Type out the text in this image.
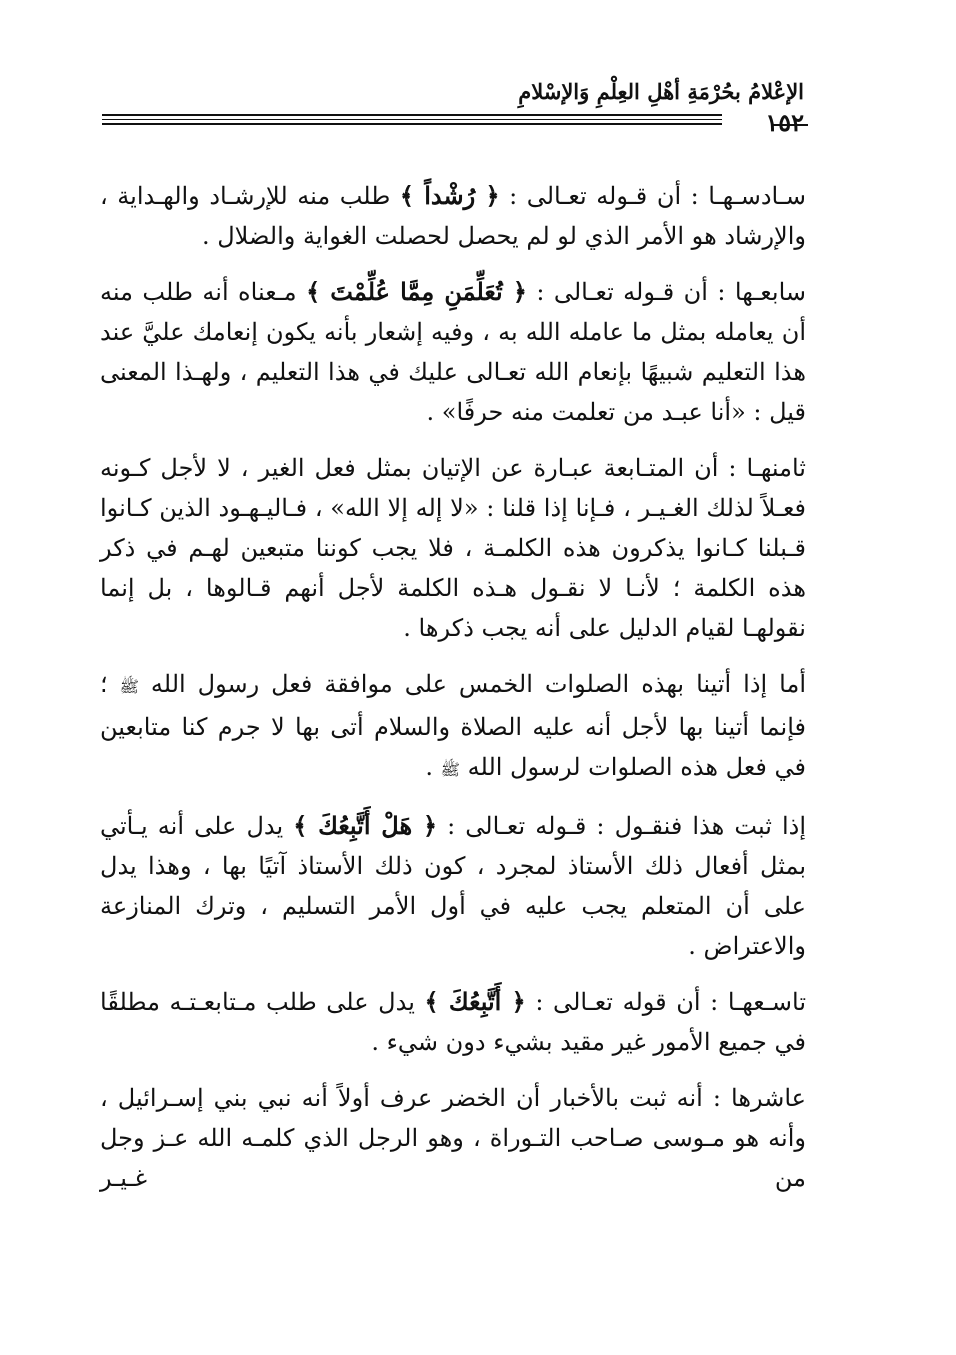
الإعْلامُ بحُرْمَةِ أهْلِ العِلْمِ وَالإسْلامِ
١٥٢

سـادسـهـا : أن قـوله تعـالى : ﴿ رُشْداً ﴾ طلب منه للإرشـاد والهـداية ، والإرشاد هو الأمر الذي لو لم يحصل لحصلت الغواية والضلال .

سابعـها : أن قـوله تعـالى : ﴿ تُعَلِّمَنِ مِمَّا عُلِّمْتَ ﴾ مـعناه أنه طلب منه أن يعامله بمثل ما عامله الله به ، وفيه إشعار بأنه يكون إنعامك عليَّ عند هذا التعليم شبيهًا بإنعام الله تعـالى عليك في هذا التعليم ، ولهـذا المعنى قيل : «أنا عبـد من تعلمت منه حرفًا» .

ثامنهـا : أن المتـابعة عبـارة عن الإتيان بمثل فعل الغير ، لا لأجل كـونه فعـلاً لذلك الغـيـر ، فـإنا إذا قلنا : «لا إله إلا الله» ، فـاليـهـود الذين كـانوا قـبلنا كـانوا يذكرون هذه الكلمـة ، فلا يجب كوننا متبعين لهـم في ذكر هذه الكلمة ؛ لأنـا لا نقـول هـذه الكلمة لأجل أنهم قـالوها ، بل إنما نقولهـا لقيام الدليل على أنه يجب ذكرها .

أما إذا أتينا بهذه الصلوات الخمس على موافقة فعل رسول الله ﷺ ؛ فإنما أتينا بها لأجل أنه عليه الصلاة والسلام أتى بها لا جرم كنا متابعين في فعل هذه الصلوات لرسول الله ﷺ .

إذا ثبت هذا فنقـول : قـوله تعـالى : ﴿ هَلْ أَتَّبِعُكَ ﴾ يدل على أنه يـأتي بمثل أفعال ذلك الأستاذ لمجرد ، كون ذلك الأستاذ آتيًا بها ، وهذا يدل على أن المتعلم يجب عليه في أول الأمر التسليم ، وترك المنازعة والاعتراض .

تاسـعهـا : أن قوله تعـالى : ﴿ أَتَّبِعُكَ ﴾ يدل على طلب مـتابعـتـه مطلقًا في جميع الأمور غير مقيد بشيء دون شيء .

عاشرها : أنه ثبت بالأخبار أن الخضر عرف أولاً أنه نبي بني إسـرائيل ، وأنه هو مـوسى صـاحب التـوراة ، وهو الرجل الذي كلمـه الله عـز وجل من غـيـر
